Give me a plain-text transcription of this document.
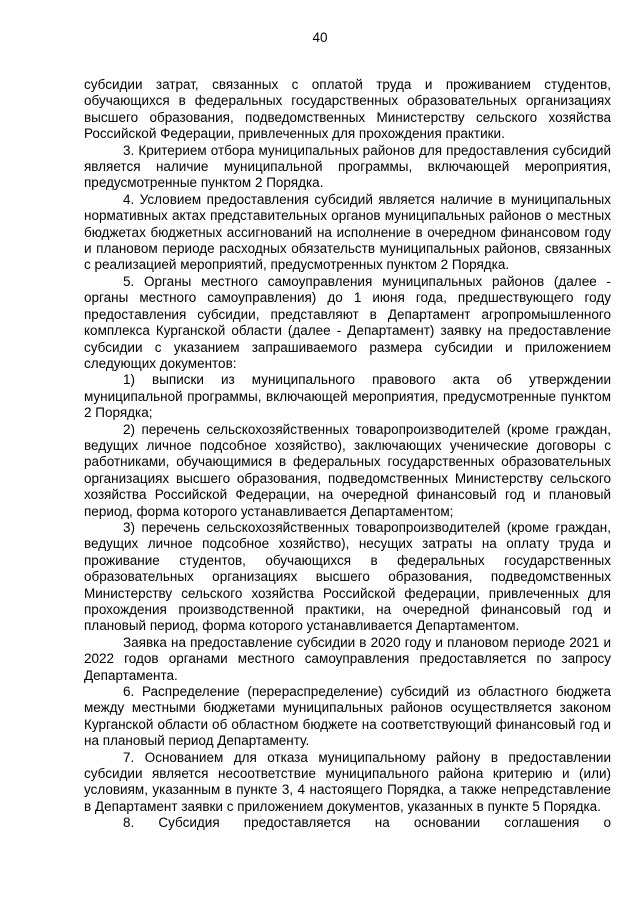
40

субсидии затрат, связанных с оплатой труда и проживанием студентов, обучающихся в федеральных государственных образовательных организациях высшего образования, подведомственных Министерству сельского хозяйства Российской Федерации, привлеченных для прохождения практики.

3. Критерием отбора муниципальных районов для предоставления субсидий является наличие муниципальной программы, включающей мероприятия, предусмотренные пунктом 2 Порядка.

4. Условием предоставления субсидий является наличие в муниципальных нормативных актах представительных органов муниципальных районов о местных бюджетах бюджетных ассигнований на исполнение в очередном финансовом году и плановом периоде расходных обязательств муниципальных районов, связанных с реализацией мероприятий, предусмотренных пунктом 2 Порядка.

5. Органы местного самоуправления муниципальных районов (далее - органы местного самоуправления) до 1 июня года, предшествующего году предоставления субсидии, представляют в Департамент агропромышленного комплекса Курганской области (далее - Департамент) заявку на предоставление субсидии с указанием запрашиваемого размера субсидии и приложением следующих документов:

1) выписки из муниципального правового акта об утверждении муниципальной программы, включающей мероприятия, предусмотренные пунктом 2 Порядка;

2) перечень сельскохозяйственных товаропроизводителей (кроме граждан, ведущих личное подсобное хозяйство), заключающих ученические договоры с работниками, обучающимися в федеральных государственных образовательных организациях высшего образования, подведомственных Министерству сельского хозяйства Российской Федерации, на очередной финансовый год и плановый период, форма которого устанавливается Департаментом;

3) перечень сельскохозяйственных товаропроизводителей (кроме граждан, ведущих личное подсобное хозяйство), несущих затраты на оплату труда и проживание студентов, обучающихся в федеральных государственных образовательных организациях высшего образования, подведомственных Министерству сельского хозяйства Российской федерации, привлеченных для прохождения производственной практики, на очередной финансовый год и плановый период, форма которого устанавливается Департаментом.

Заявка на предоставление субсидии в 2020 году и плановом периоде 2021 и 2022 годов органами местного самоуправления предоставляется по запросу Департамента.

6. Распределение (перераспределение) субсидий из областного бюджета между местными бюджетами муниципальных районов осуществляется законом Курганской области об областном бюджете на соответствующий финансовый год и на плановый период Департаменту.

7. Основанием для отказа муниципальному району в предоставлении субсидии является несоответствие муниципального района критерию и (или) условиям, указанным в пункте 3, 4 настоящего Порядка, а также непредставление в Департамент заявки с приложением документов, указанных в пункте 5 Порядка.

8. Субсидия предоставляется на основании соглашения о
